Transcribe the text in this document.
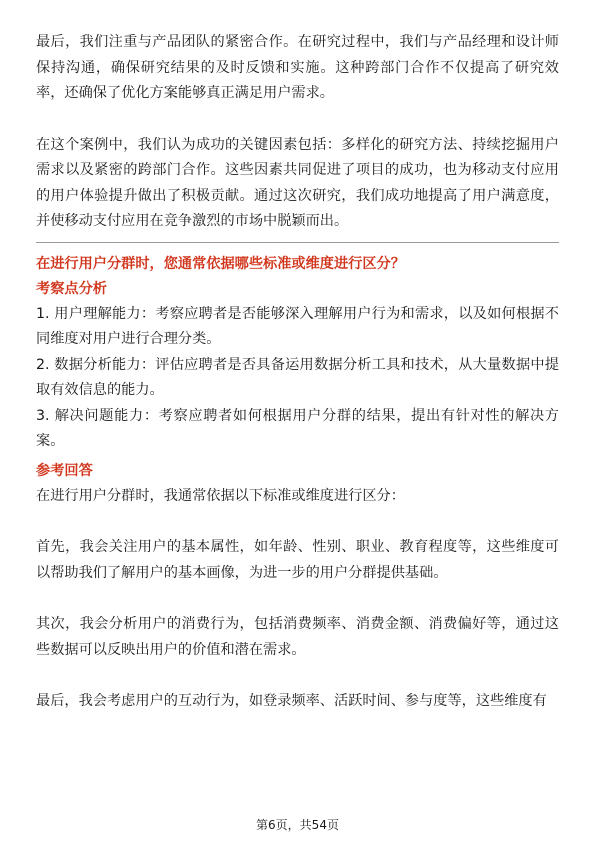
最后，我们注重与产品团队的紧密合作。在研究过程中，我们与产品经理和设计师保持沟通，确保研究结果的及时反馈和实施。这种跨部门合作不仅提高了研究效率，还确保了优化方案能够真正满足用户需求。

在这个案例中，我们认为成功的关键因素包括：多样化的研究方法、持续挖掘用户需求以及紧密的跨部门合作。这些因素共同促进了项目的成功，也为移动支付应用的用户体验提升做出了积极贡献。通过这次研究，我们成功地提高了用户满意度，并使移动支付应用在竞争激烈的市场中脱颖而出。

在进行用户分群时，您通常依据哪些标准或维度进行区分？

考察点分析

1. 用户理解能力：考察应聘者是否能够深入理解用户行为和需求，以及如何根据不同维度对用户进行合理分类。

2. 数据分析能力：评估应聘者是否具备运用数据分析工具和技术，从大量数据中提取有效信息的能力。

3. 解决问题能力：考察应聘者如何根据用户分群的结果，提出有针对性的解决方案。

参考回答

在进行用户分群时，我通常依据以下标准或维度进行区分：

首先，我会关注用户的基本属性，如年龄、性别、职业、教育程度等，这些维度可以帮助我们了解用户的基本画像，为进一步的用户分群提供基础。

其次，我会分析用户的消费行为，包括消费频率、消费金额、消费偏好等，通过这些数据可以反映出用户的价值和潜在需求。

最后，我会考虑用户的互动行为，如登录频率、活跃时间、参与度等，这些维度有

第6页，共54页
